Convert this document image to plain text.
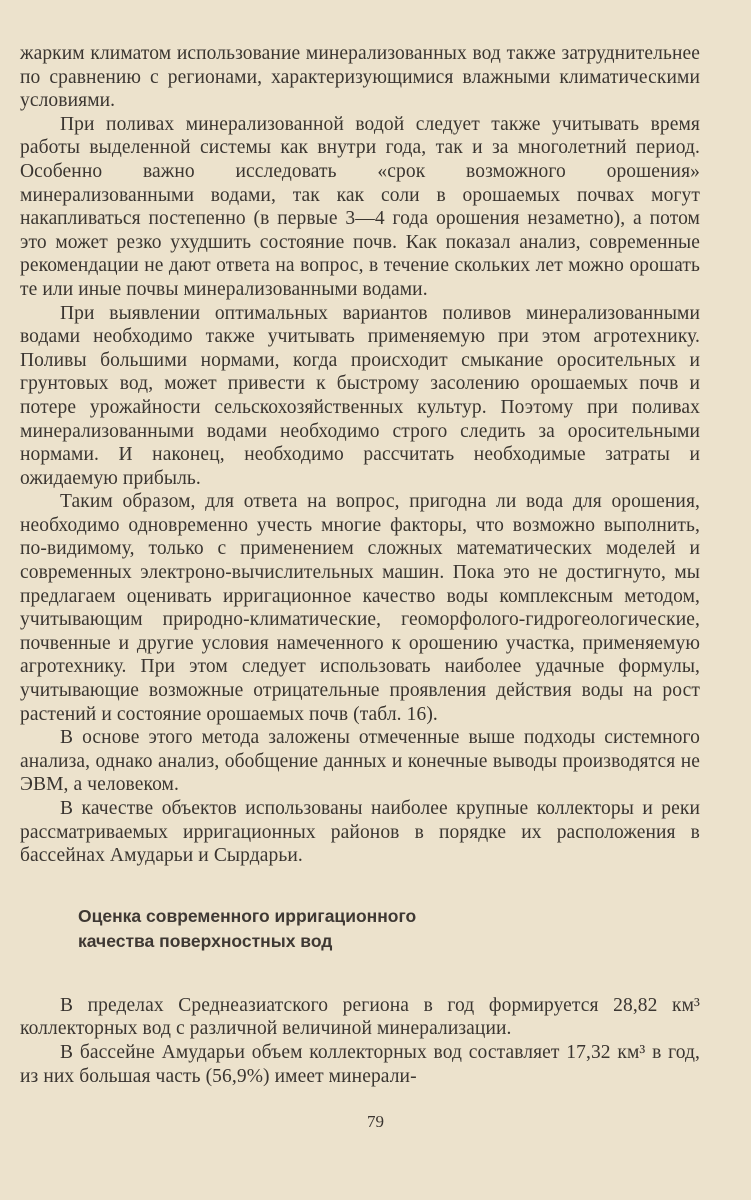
жарким климатом использование минерализованных вод также затруднительнее по сравнению с регионами, характеризующимися влажными климатическими условиями.

При поливах минерализованной водой следует также учитывать время работы выделенной системы как внутри года, так и за многолетний период. Особенно важно исследовать «срок возможного орошения» минерализованными водами, так как соли в орошаемых почвах могут накапливаться постепенно (в первые 3—4 года орошения незаметно), а потом это может резко ухудшить состояние почв. Как показал анализ, современные рекомендации не дают ответа на вопрос, в течение скольких лет можно орошать те или иные почвы минерализованными водами.

При выявлении оптимальных вариантов поливов минерализованными водами необходимо также учитывать применяемую при этом агротехнику. Поливы большими нормами, когда происходит смыкание оросительных и грунтовых вод, может привести к быстрому засолению орошаемых почв и потере урожайности сельскохозяйственных культур. Поэтому при поливах минерализованными водами необходимо строго следить за оросительными нормами. И наконец, необходимо рассчитать необходимые затраты и ожидаемую прибыль.

Таким образом, для ответа на вопрос, пригодна ли вода для орошения, необходимо одновременно учесть многие факторы, что возможно выполнить, по-видимому, только с применением сложных математических моделей и современных электроно-вычислительных машин. Пока это не достигнуто, мы предлагаем оценивать ирригационное качество воды комплексным методом, учитывающим природно-климатические, геоморфолого-гидрогеологические, почвенные и другие условия намеченного к орошению участка, применяемую агротехнику. При этом следует использовать наиболее удачные формулы, учитывающие возможные отрицательные проявления действия воды на рост растений и состояние орошаемых почв (табл. 16).

В основе этого метода заложены отмеченные выше подходы системного анализа, однако анализ, обобщение данных и конечные выводы производятся не ЭВМ, а человеком.

В качестве объектов использованы наиболее крупные коллекторы и реки рассматриваемых ирригационных районов в порядке их расположения в бассейнах Амударьи и Сырдарьи.

Оценка современного ирригационного
качества поверхностных вод

В пределах Среднеазиатского региона в год формируется 28,82 км³ коллекторных вод с различной величиной минерализации.

В бассейне Амударьи объем коллекторных вод составляет 17,32 км³ в год, из них большая часть (56,9%) имеет минерали-

79
